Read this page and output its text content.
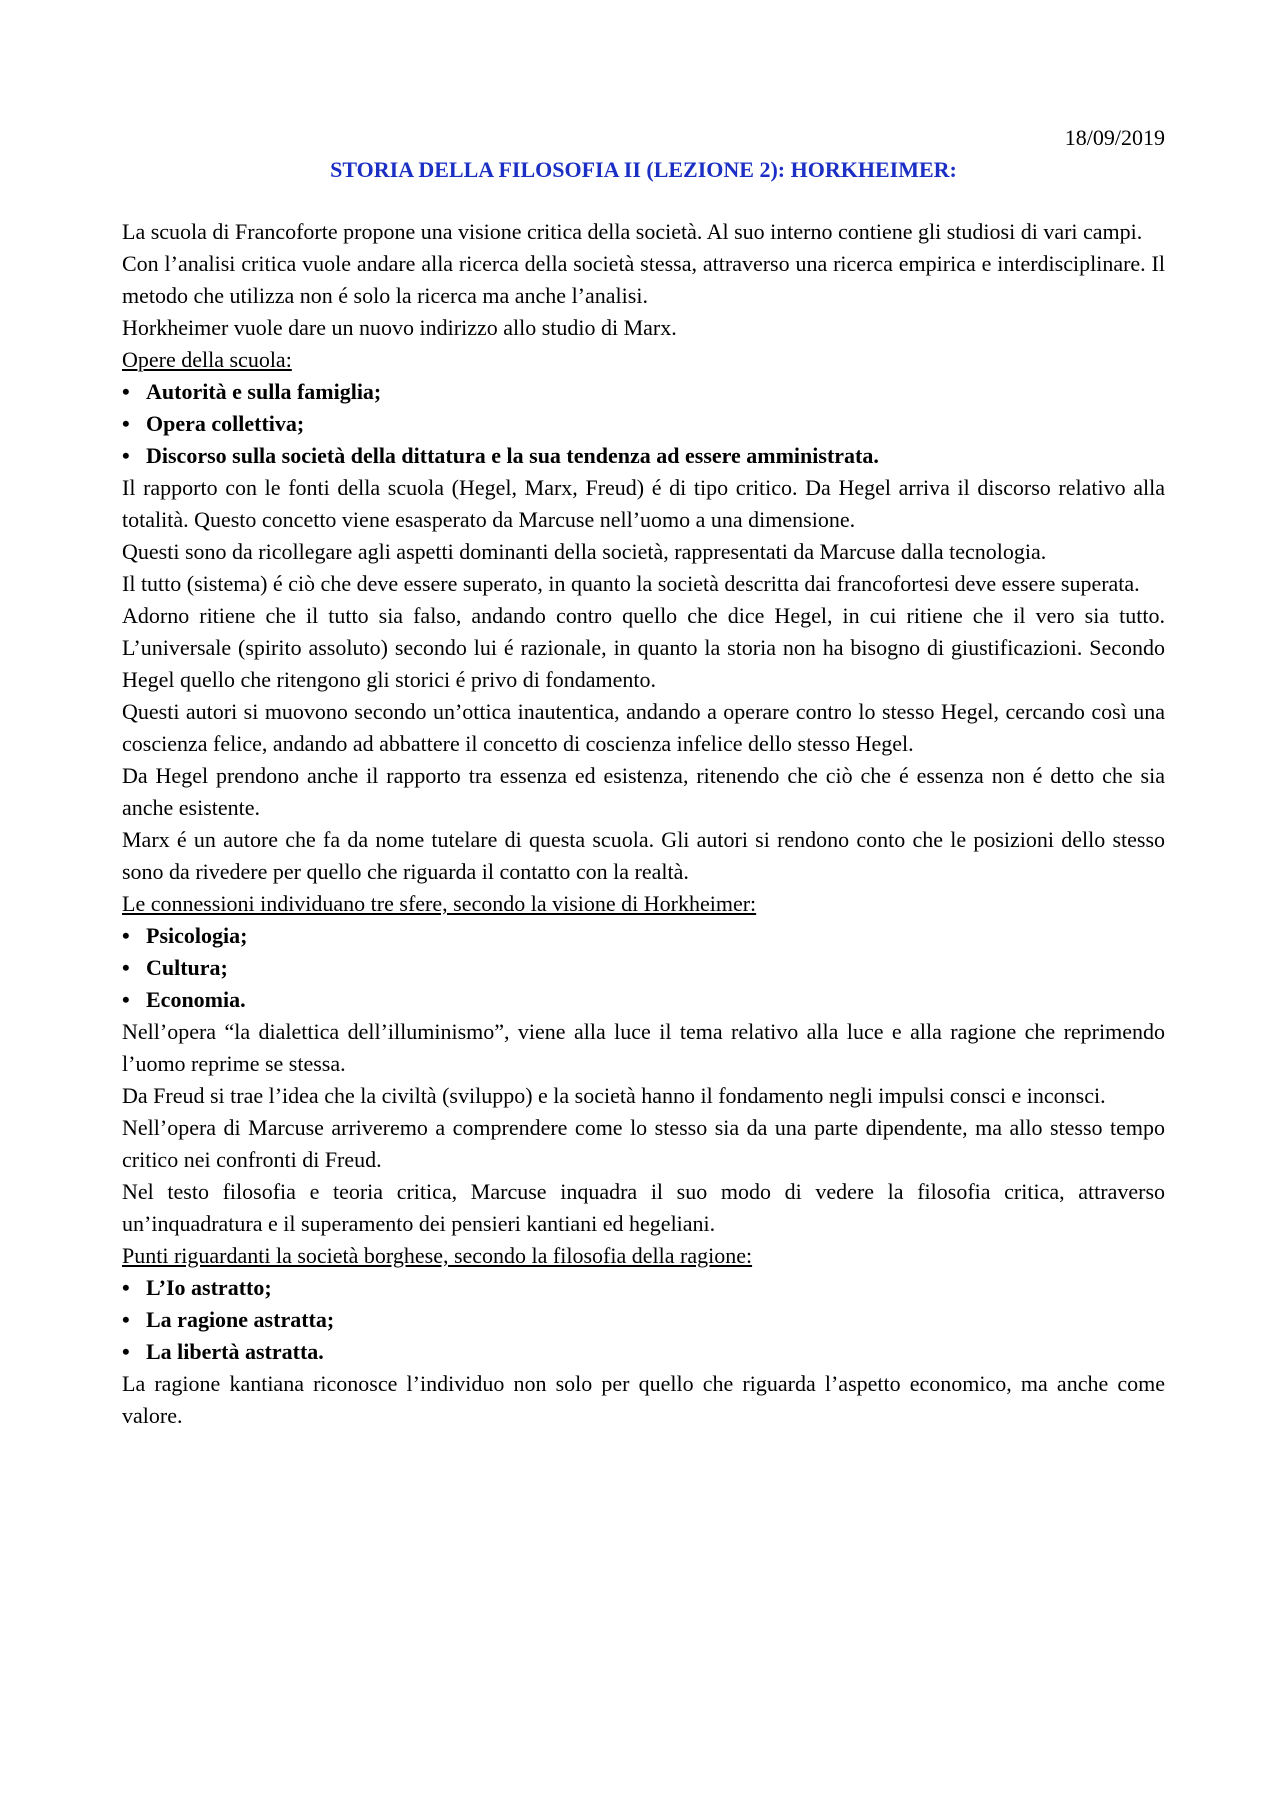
18/09/2019

STORIA DELLA FILOSOFIA II (LEZIONE 2): HORKHEIMER:

La scuola di Francoforte propone una visione critica della società. Al suo interno contiene gli studiosi di vari campi.

Con l’analisi critica vuole andare alla ricerca della società stessa, attraverso una ricerca empirica e interdisciplinare. Il metodo che utilizza non é solo la ricerca ma anche l’analisi.

Horkheimer vuole dare un nuovo indirizzo allo studio di Marx.

Opere della scuola:

• Autorità e sulla famiglia;
• Opera collettiva;
• Discorso sulla società della dittatura e la sua tendenza ad essere amministrata.

Il rapporto con le fonti della scuola (Hegel, Marx, Freud) é di tipo critico. Da Hegel arriva il discorso relativo alla totalità. Questo concetto viene esasperato da Marcuse nell’uomo a una dimensione.

Questi sono da ricollegare agli aspetti dominanti della società, rappresentati da Marcuse dalla tecnologia.

Il tutto (sistema) é ciò che deve essere superato, in quanto la società descritta dai francofortesi deve essere superata.

Adorno ritiene che il tutto sia falso, andando contro quello che dice Hegel, in cui ritiene che il vero sia tutto. L’universale (spirito assoluto) secondo lui é razionale, in quanto la storia non ha bisogno di giustificazioni. Secondo Hegel quello che ritengono gli storici é privo di fondamento.

Questi autori si muovono secondo un’ottica inautentica, andando a operare contro lo stesso Hegel, cercando così una coscienza felice, andando ad abbattere il concetto di coscienza infelice dello stesso Hegel.

Da Hegel prendono anche il rapporto tra essenza ed esistenza, ritenendo che ciò che é essenza non é detto che sia anche esistente.

Marx é un autore che fa da nome tutelare di questa scuola. Gli autori si rendono conto che le posizioni dello stesso sono da rivedere per quello che riguarda il contatto con la realtà.

Le connessioni individuano tre sfere, secondo la visione di Horkheimer:

• Psicologia;
• Cultura;
• Economia.

Nell’opera “la dialettica dell’illuminismo”, viene alla luce il tema relativo alla luce e alla ragione che reprimendo l’uomo reprime se stessa.

Da Freud si trae l’idea che la civiltà (sviluppo) e la società hanno il fondamento negli impulsi consci e inconsci.

Nell’opera di Marcuse arriveremo a comprendere come lo stesso sia da una parte dipendente, ma allo stesso tempo critico nei confronti di Freud.

Nel testo filosofia e teoria critica, Marcuse inquadra il suo modo di vedere la filosofia critica, attraverso un’inquadratura e il superamento dei pensieri kantiani ed hegeliani.

Punti riguardanti la società borghese, secondo la filosofia della ragione:

• L’Io astratto;
• La ragione astratta;
• La libertà astratta.

La ragione kantiana riconosce l’individuo non solo per quello che riguarda l’aspetto economico, ma anche come valore.
